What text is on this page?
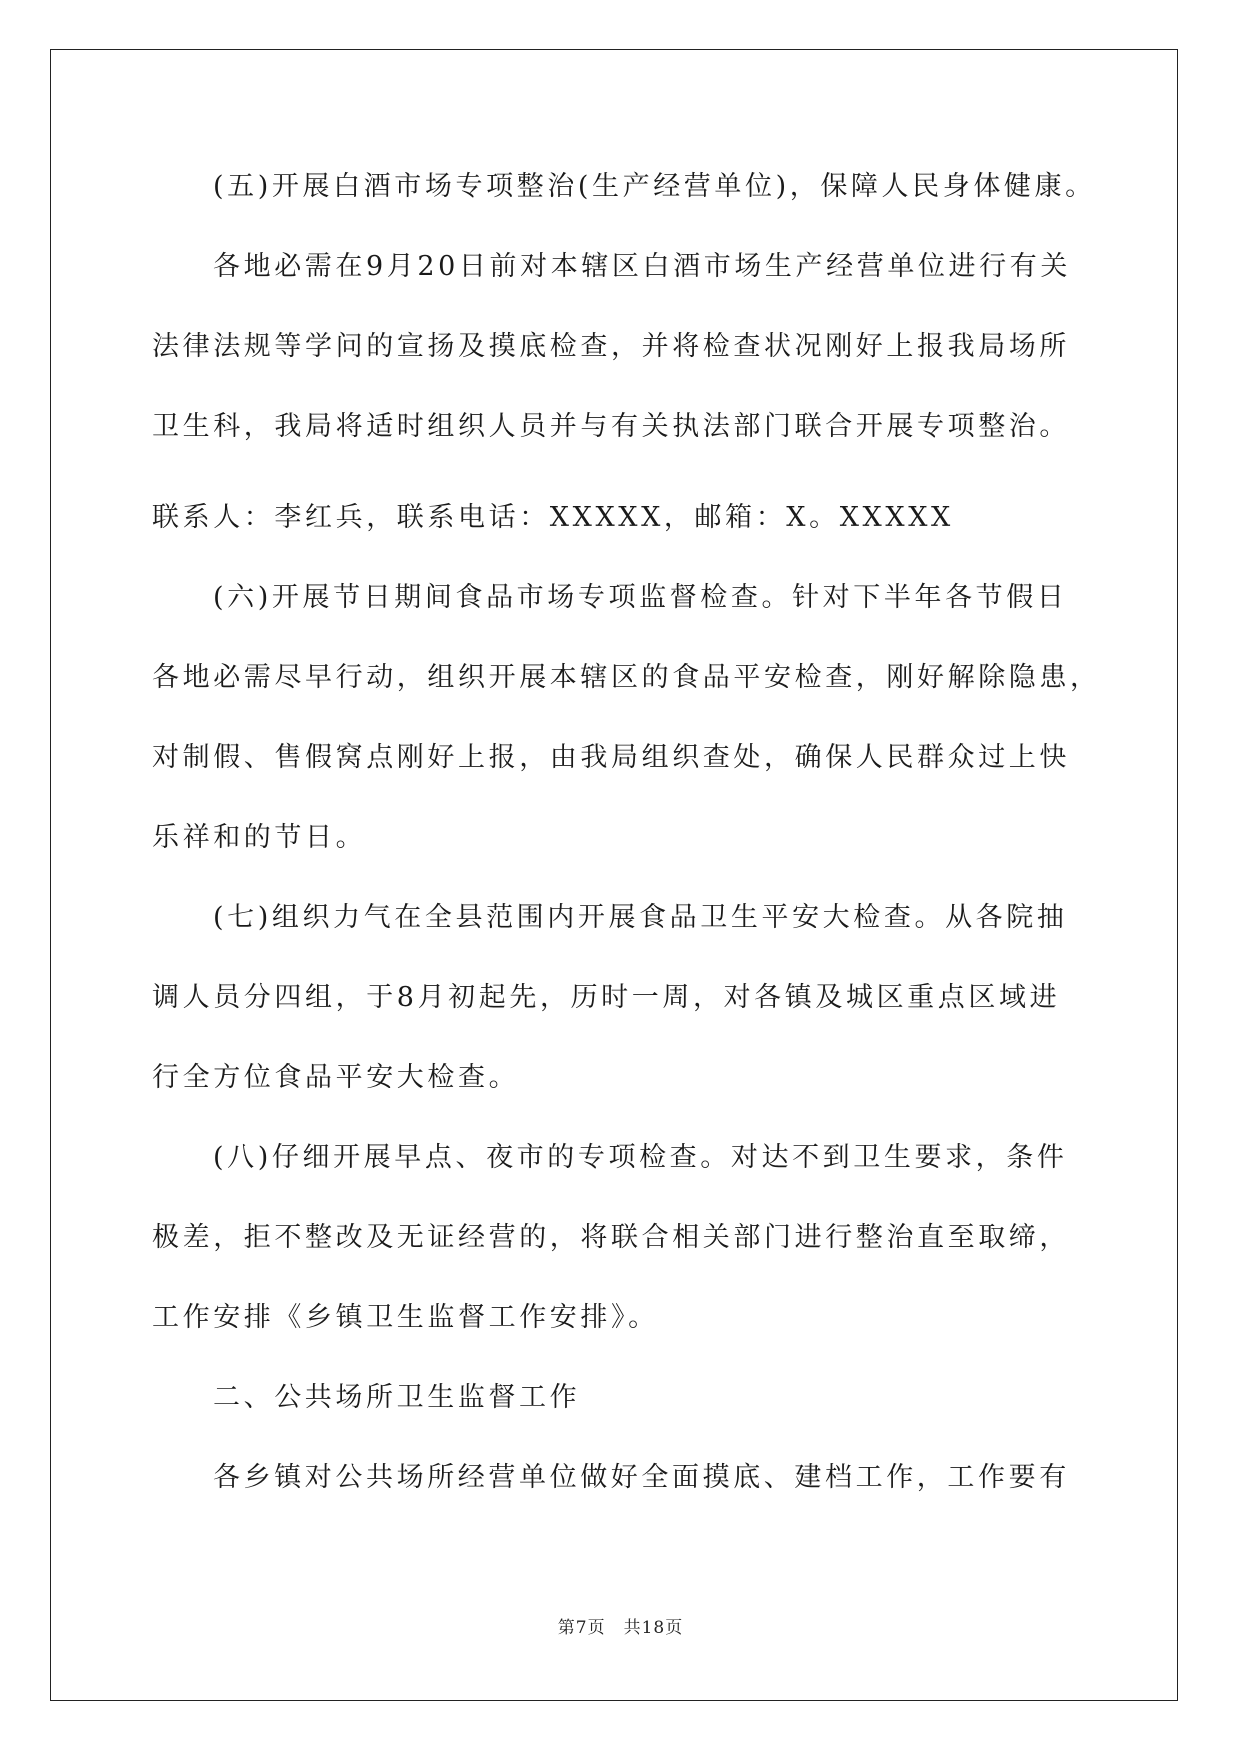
(五)开展白酒市场专项整治(生产经营单位)，保障人民身体健康。
各地必需在9月20日前对本辖区白酒市场生产经营单位进行有关
法律法规等学问的宣扬及摸底检查，并将检查状况刚好上报我局场所
卫生科，我局将适时组织人员并与有关执法部门联合开展专项整治。
联系人：李红兵，联系电话：XXXXX，邮箱：X。XXXXX
(六)开展节日期间食品市场专项监督检查。针对下半年各节假日
各地必需尽早行动，组织开展本辖区的食品平安检查，刚好解除隐患，
对制假、售假窝点刚好上报，由我局组织查处，确保人民群众过上快
乐祥和的节日。
(七)组织力气在全县范围内开展食品卫生平安大检查。从各院抽
调人员分四组，于8月初起先，历时一周，对各镇及城区重点区域进
行全方位食品平安大检查。
(八)仔细开展早点、夜市的专项检查。对达不到卫生要求，条件
极差，拒不整改及无证经营的，将联合相关部门进行整治直至取缔，
工作安排《乡镇卫生监督工作安排》。
二、公共场所卫生监督工作
各乡镇对公共场所经营单位做好全面摸底、建档工作，工作要有
第7页　共18页
